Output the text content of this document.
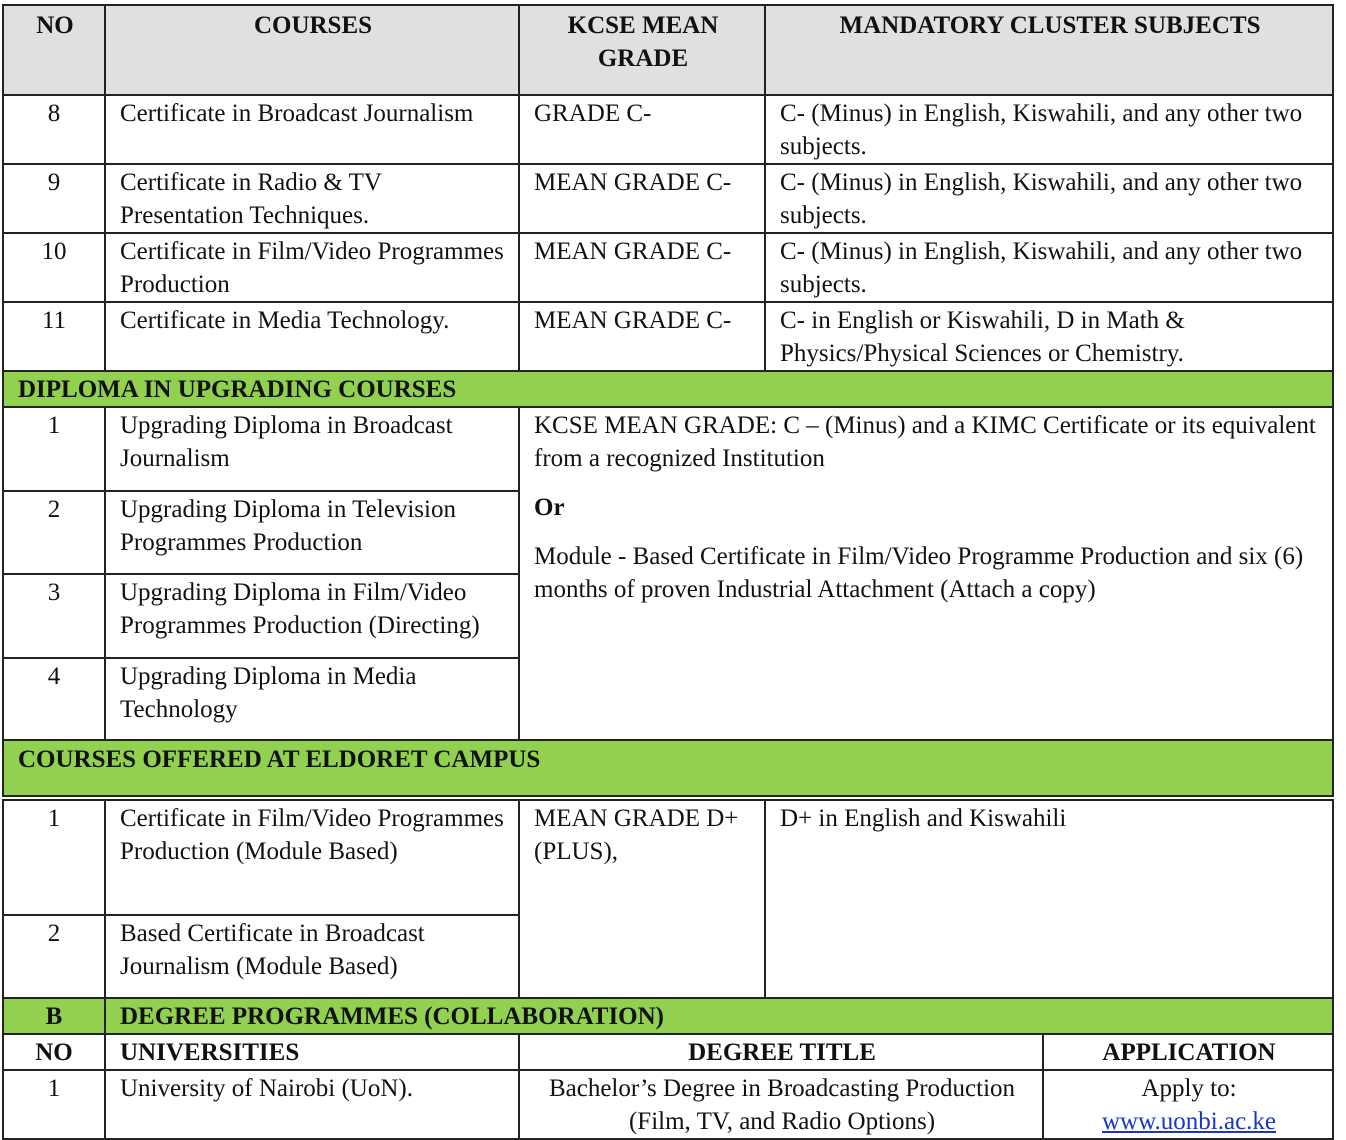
NO	COURSES	KCSE MEAN GRADE	MANDATORY CLUSTER SUBJECTS	
8	Certificate in Broadcast Journalism	GRADE C-	C- (Minus) in English, Kiswahili, and any other two subjects.	
9	Certificate in Radio & TV Presentation Techniques.	MEAN GRADE C-	C- (Minus) in English, Kiswahili, and any other two subjects.	
10	Certificate in Film/Video Programmes Production	MEAN GRADE C-	C- (Minus) in English, Kiswahili, and any other two subjects.	
11	Certificate in Media Technology.	MEAN GRADE C-	C- in English or Kiswahili, D in Math & Physics/Physical Sciences or Chemistry.	
DIPLOMA IN UPGRADING COURSES				
1	Upgrading Diploma in Broadcast Journalism	KCSE MEAN GRADE: C – (Minus) and a KIMC Certificate or its equivalent from a recognized Institution

Or

Module - Based Certificate in Film/Video Programme Production and six (6) months of proven Industrial Attachment (Attach a copy)		

2	Upgrading Diploma in Television Programmes Production			
3	Upgrading Diploma in Film/Video Programmes Production (Directing)			
4	Upgrading Diploma in Media Technology			
COURSES OFFERED AT ELDORET CAMPUS				

1	Certificate in Film/Video Programmes Production (Module Based)	MEAN GRADE D+ (PLUS),	D+ in English and Kiswahili	
2	Based Certificate in Broadcast Journalism (Module Based)			
B	DEGREE PROGRAMMES (COLLABORATION)			
NO	UNIVERSITIES	DEGREE TITLE		APPLICATION
1	University of Nairobi (UoN).	Bachelor’s Degree in Broadcasting Production (Film, TV, and Radio Options)		Apply to:

www.uonbi.ac.ke
